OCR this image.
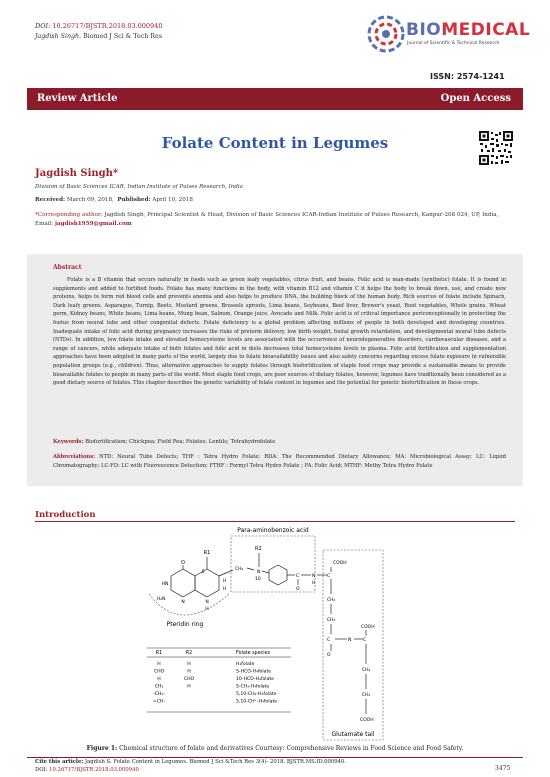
DOI: 10.26717/BJSTR.2018.03.000940
Jagdish Singh. Biomed J Sci & Tech Res	BIOMEDICAL
Journal of Scientific & Technical Research
ISSN: 2574-1241
Review Article	Open Access
Folate Content in Legumes
Jagdish Singh*
Division of Basic Sciences ICAR, Indian Institute of Pulses Research, India
Received: March 09, 2018,  Published: April 10, 2018
*Corresponding author: Jagdish Singh, Principal Scientist & Head, Division of Basic Sciences ICAR-Indian Institute of Pulses Research, Kanpur-208 024, UP, India, Email: jagdish1959@gmail.com
Abstract
Folate is a B vitamin that occurs naturally in foods such as green leafy vegetables, citrus fruit, and beans. Folic acid is man-made (synthetic) folate. It is found in supplements and added to fortified foods. Folate has many functions in the body, with vitamin B12 and vitamin C it helps the body to break down, use, and create new proteins, helps to form red blood cells and prevents anemia and also helps to produce DNA, the building block of the human body. Rich sources of folate include Spinach, Dark leafy greens, Asparagus, Turnip, Beets, Mustard greens, Brussels sprouts, Lima beans, Soybeans, Beef liver, Brewer's yeast, Root vegetables, Whole grains, Wheat germ, Kidney beans, White beans, Lima beans, Mung bean, Salmon, Orange juice, Avocado and Milk. Folic acid is of critical importance periconceptionally in protecting the foetus from neural tube and other congenital defects. Folate deficiency is a global problem affecting millions of people in both developed and developing countries. Inadequate intake of folic acid during pregnancy increases the risks of preterm delivery, low birth weight, foetal growth retardation, and developmental neural tube defects (NTDs). In addition, low folate intake and elevated homocysteine levels are associated with the occurrence of neurodegenerative disorders, cardiovascular diseases, and a range of cancers, while adequate intake of both folates and folic acid in diets decreases total homocysteine levels in plasma. Folic acid fortification and supplementation approaches have been adopted in many parts of the world, largely due to folate bioavailability issues and also safety concerns regarding excess folate exposure in vulnerable population groups (e.g., children). Thus, alternative approaches to supply folates through biofortification of staple food crops may provide a sustainable means to provide bioavailable folates to people in many parts of the world. Most staple food crops, are poor sources of dietary folates, however, legumes have traditionally been considered as a good dietary source of folates. This chapter describes the genetic variability of folate content in legumes and the potential for genetic biofortification in these crops.
Keywords: Biofortification; Chickpea; Field Pea; Folates; Lentils; Tetrahydrofolate
Abbreviations: NTD: Neural Tube Defects; THF : Tetra Hydro Folate; RDA: The Recommended Dietary Allowance; MA: Microbiological Assay; LC: Liquid Chromatography; LC-FD: LC with Fluorescence Detection; FTHF : Formyl Tetra Hydro Folate ; FA: Folic Acid; MTHF: Methy Tetra Hydro Folate
Introduction
Para-aminobenzoic acid
O
HN
H₂N
N	N
H
5
R1
H
H
CH₂
N
10
R2
C
O
N
H
C
COOH
CH₂
CH₂
C
O
N	C
COOH
CH₂
CH₂
COOH
Glutamate tail
Pteridin ring
R1	R2	Folate species
H	H	H₄folate
CHO	H	5-HCO-H₄folate
H	CHO	10-HCO-H₄folate
CH₃	H	5-CH₃-H₄folate
-CH₂-	5,10-CH₂-H₄folate
=CH-	5,10-CH⁺-H₄folate
Figure 1: Chemical structure of folate and derivatives Courtesy: Comprehensive Reviews in Food Science and Food Safety.
Cite this article: Jagdish S. Folate Content in Legumes. Biomed J Sci &Tech Res 3(4)- 2018. BJSTR.MS.ID.000940.
DOI: 10.26717/BJSTR.2018.03.000940	3475
